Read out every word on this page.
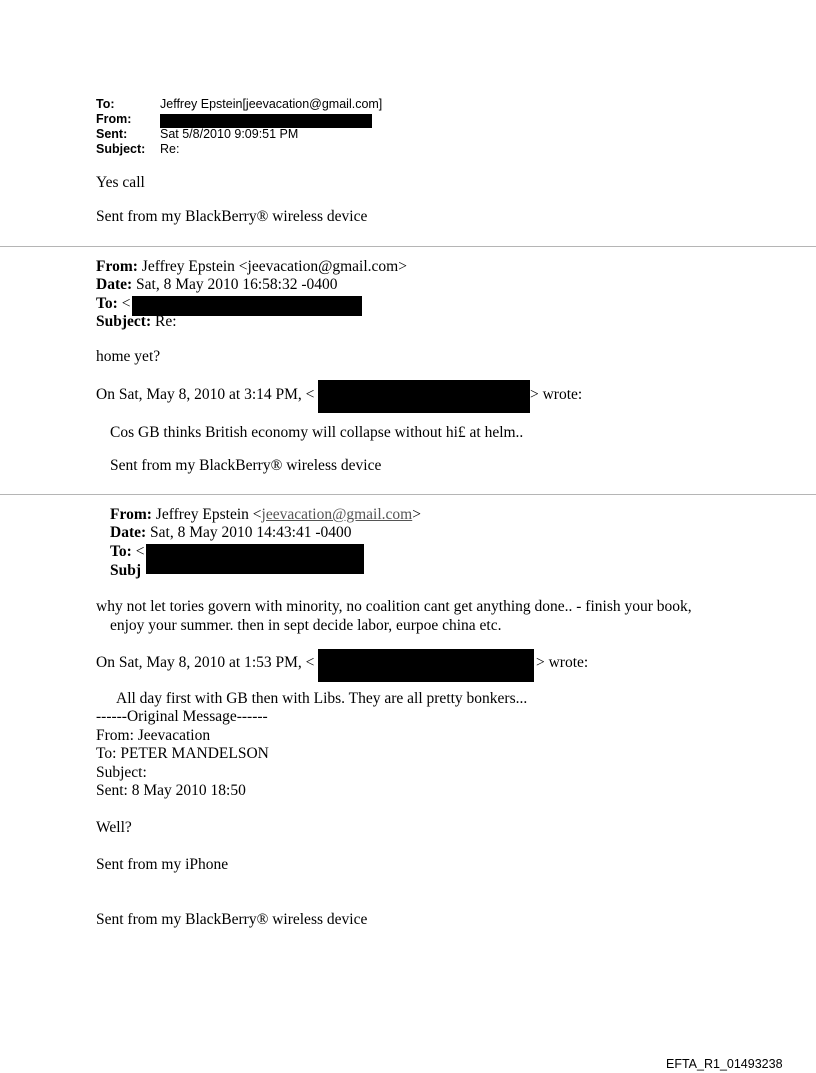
To:	Jeffrey Epstein[jeevacation@gmail.com]
From:
Sent:	Sat 5/8/2010 9:09:51 PM
Subject: Re:
Yes call
Sent from my BlackBerry® wireless device
From: Jeffrey Epstein <jeevacation@gmail.com>
Date: Sat, 8 May 2010 16:58:32 -0400
To: <
Subject: Re:
home yet?
On Sat, May 8, 2010 at 3:14 PM, <	> wrote:
Cos GB thinks British economy will collapse without hi£ at helm..
Sent from my BlackBerry® wireless device
From: Jeffrey Epstein <jeevacation@gmail.com>
Date: Sat, 8 May 2010 14:43:41 -0400
To: <
Subj
why not let tories govern with minority, no coalition cant get anything done.. - finish your book,
enjoy your summer. then in sept decide labor, eurpoe china etc.
On Sat, May 8, 2010 at 1:53 PM, <	> wrote:
All day first with GB then with Libs. They are all pretty bonkers...
------Original Message------
From: Jeevacation
To: PETER MANDELSON
Subject:
Sent: 8 May 2010 18:50
Well?
Sent from my iPhone
Sent from my BlackBerry® wireless device
EFTA_R1_01493238
